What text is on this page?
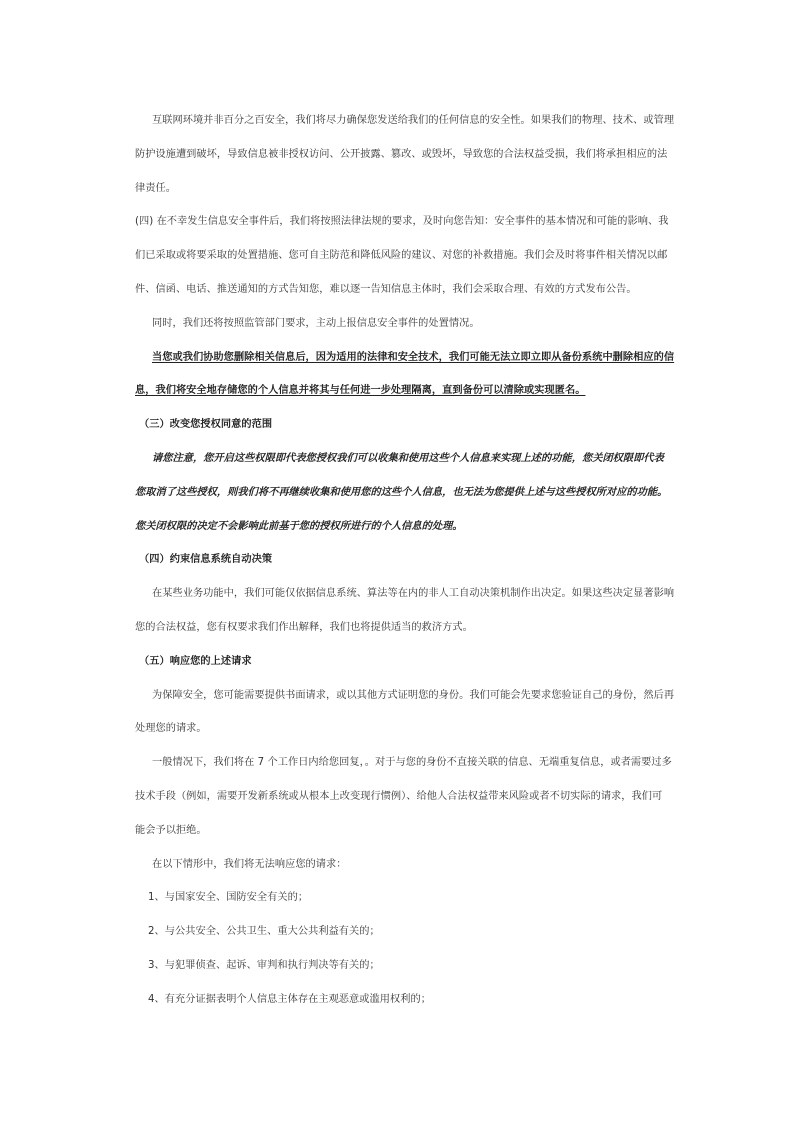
互联网环境并非百分之百安全，我们将尽力确保您发送给我们的任何信息的安全性。如果我们的物理、技术、或管理
防护设施遭到破坏，导致信息被非授权访问、公开披露、篡改、或毁坏，导致您的合法权益受损，我们将承担相应的法
律责任。
(四) 在不幸发生信息安全事件后，我们将按照法律法规的要求，及时向您告知：安全事件的基本情况和可能的影响、我
们已采取或将要采取的处置措施、您可自主防范和降低风险的建议、对您的补救措施。我们会及时将事件相关情况以邮
件、信函、电话、推送通知的方式告知您，难以逐一告知信息主体时，我们会采取合理、有效的方式发布公告。
同时，我们还将按照监管部门要求，主动上报信息安全事件的处置情况。
当您或我们协助您删除相关信息后，因为适用的法律和安全技术，我们可能无法立即立即从备份系统中删除相应的信
息，我们将安全地存储您的个人信息并将其与任何进一步处理隔离，直到备份可以清除或实现匿名。
（三）改变您授权同意的范围
请您注意，您开启这些权限即代表您授权我们可以收集和使用这些个人信息来实现上述的功能，您关闭权限即代表
您取消了这些授权，则我们将不再继续收集和使用您的这些个人信息，也无法为您提供上述与这些授权所对应的功能。
您关闭权限的决定不会影响此前基于您的授权所进行的个人信息的处理。
（四）约束信息系统自动决策
在某些业务功能中，我们可能仅依据信息系统、算法等在内的非人工自动决策机制作出决定。如果这些决定显著影响
您的合法权益，您有权要求我们作出解释，我们也将提供适当的救济方式。
（五）响应您的上述请求
为保障安全，您可能需要提供书面请求，或以其他方式证明您的身份。我们可能会先要求您验证自己的身份，然后再
处理您的请求。
一般情况下，我们将在 7 个工作日内给您回复，。对于与您的身份不直接关联的信息、无端重复信息，或者需要过多
技术手段（例如，需要开发新系统或从根本上改变现行惯例）、给他人合法权益带来风险或者不切实际的请求，我们可
能会予以拒绝。
在以下情形中，我们将无法响应您的请求：
1、与国家安全、国防安全有关的；
2、与公共安全、公共卫生、重大公共利益有关的；
3、与犯罪侦查、起诉、审判和执行判决等有关的；
4、有充分证据表明个人信息主体存在主观恶意或滥用权利的；
